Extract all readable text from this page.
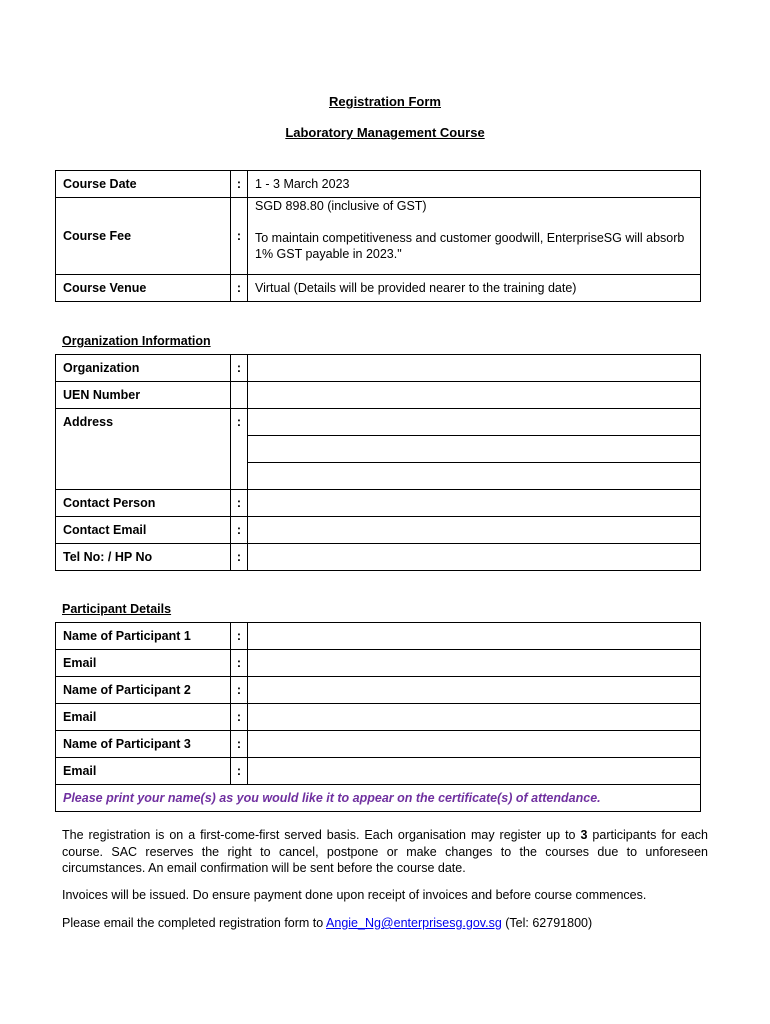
Registration Form
Laboratory Management Course
Course Date	:	1 - 3 March 2023
Course Fee	:	SGD 898.80 (inclusive of GST)
To maintain competitiveness and customer goodwill, EnterpriseSG will absorb 1% GST payable in 2023."

Course Venue	:	Virtual (Details will be provided nearer to the training date)
Organization Information
Organization	:	
UEN Number		
Address	:	

Contact Person	:	
Contact Email	:	
Tel No: / HP No	:	
Participant Details
Name of Participant 1	:	
Email	:	
Name of Participant 2	:	
Email	:	
Name of Participant 3	:	
Email	:	
Please print your name(s) as you would like it to appear on the certificate(s) of attendance.		
The registration is on a first-come-first served basis. Each organisation may register up to 3 participants for each course. SAC reserves the right to cancel, postpone or make changes to the courses due to unforeseen circumstances. An email confirmation will be sent before the course date.
Invoices will be issued. Do ensure payment done upon receipt of invoices and before course commences.
Please email the completed registration form to Angie_Ng@enterprisesg.gov.sg (Tel: 62791800)
